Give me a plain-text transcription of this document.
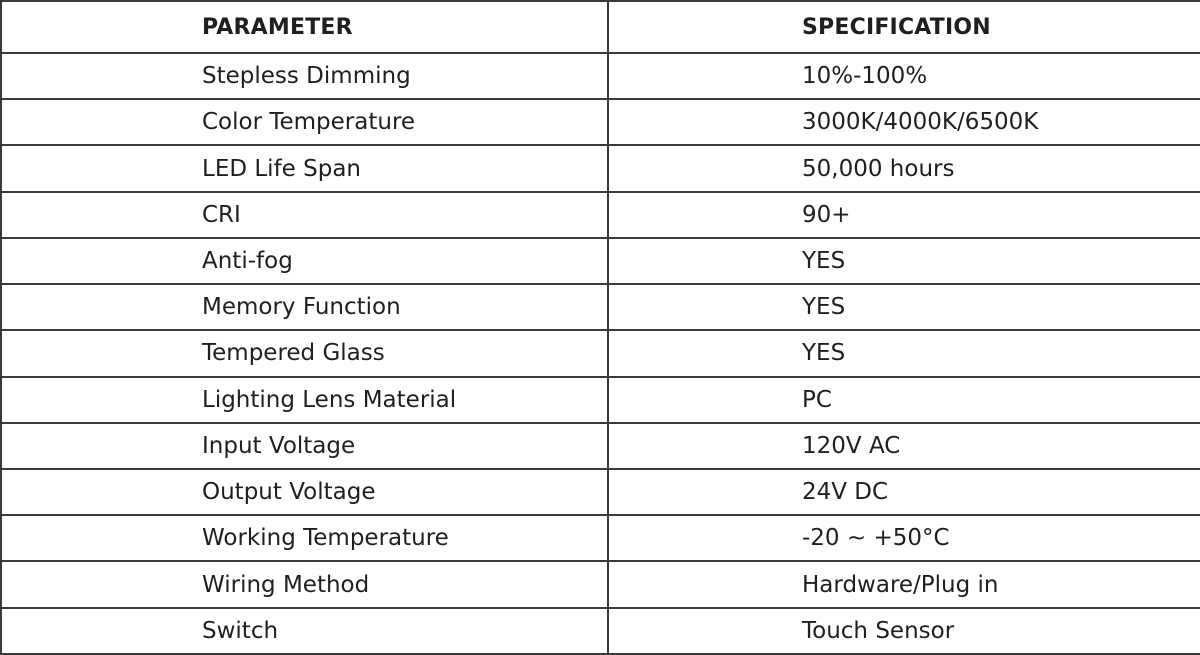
PARAMETER	SPECIFICATION
Stepless Dimming	10%-100%
Color Temperature	3000K/4000K/6500K
LED Life Span	50,000 hours
CRI	90+
Anti-fog	YES
Memory Function	YES
Tempered Glass	YES
Lighting Lens Material	PC
Input Voltage	120V AC
Output Voltage	24V DC
Working Temperature	-20 ~ +50°C
Wiring Method	Hardware/Plug in
Switch	Touch Sensor
